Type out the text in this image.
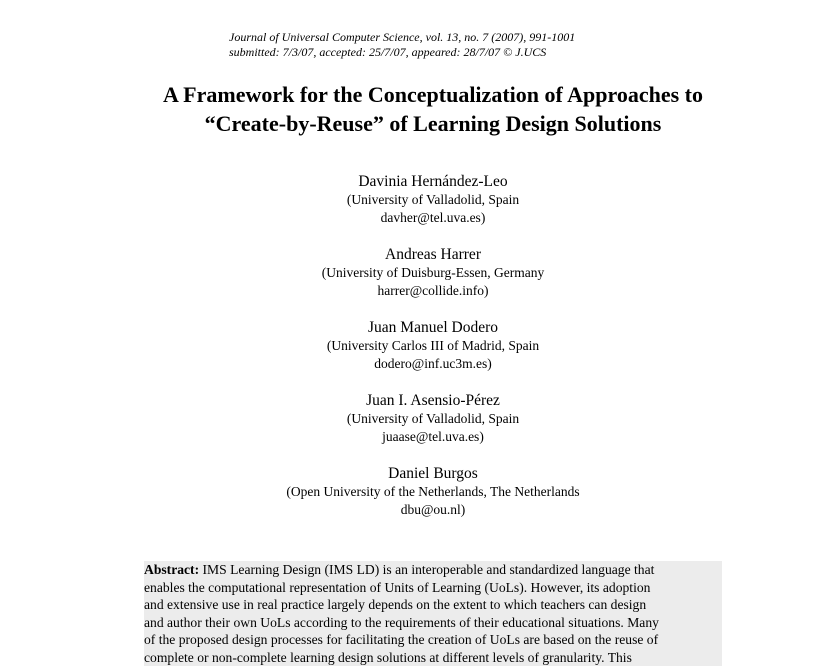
Journal of Universal Computer Science, vol. 13, no. 7 (2007), 991-1001
submitted: 7/3/07, accepted: 25/7/07, appeared: 28/7/07 © J.UCS
A Framework for the Conceptualization of Approaches to
“Create-by-Reuse” of Learning Design Solutions
Davinia Hernández-Leo
(University of Valladolid, Spain
davher@tel.uva.es)
Andreas Harrer
(University of Duisburg-Essen, Germany
harrer@collide.info)
Juan Manuel Dodero
(University Carlos III of Madrid, Spain
dodero@inf.uc3m.es)
Juan I. Asensio-Pérez
(University of Valladolid, Spain
juaase@tel.uva.es)
Daniel Burgos
(Open University of the Netherlands, The Netherlands
dbu@ou.nl)
Abstract: IMS Learning Design (IMS LD) is an interoperable and standardized language that
enables the computational representation of Units of Learning (UoLs). However, its adoption
and extensive use in real practice largely depends on the extent to which teachers can design
and author their own UoLs according to the requirements of their educational situations. Many
of the proposed design processes for facilitating the creation of UoLs are based on the reuse of
complete or non-complete learning design solutions at different levels of granularity. This
